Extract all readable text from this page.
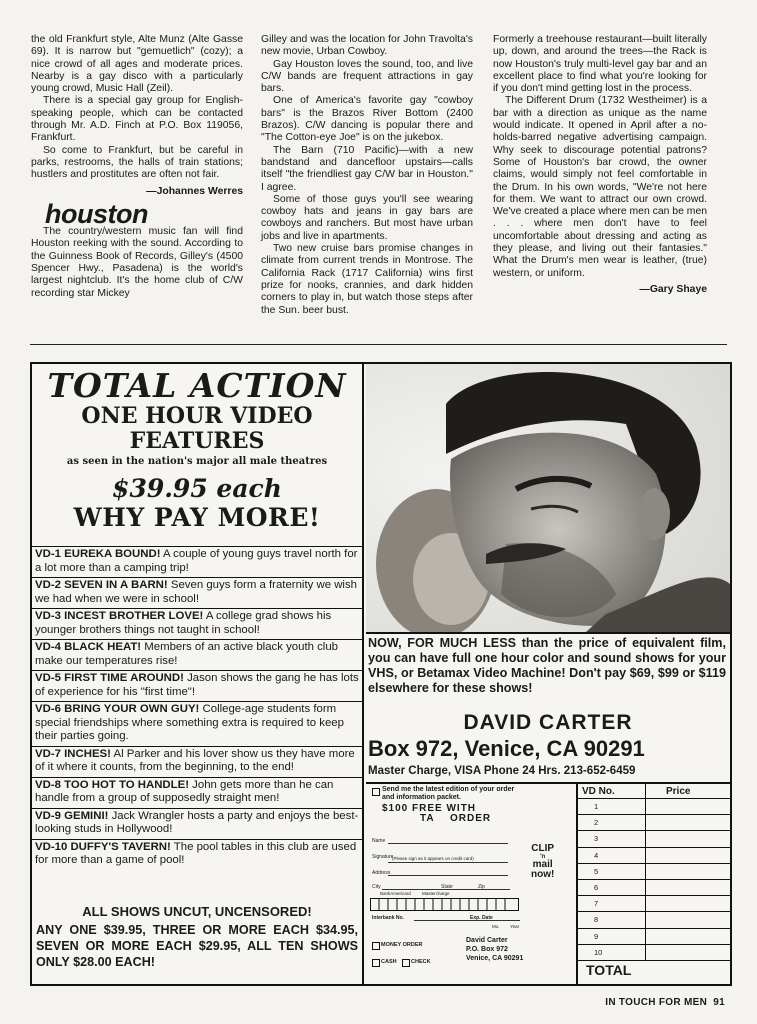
the old Frankfurt style, Alte Munz (Alte Gasse 69). It is narrow but "gemuetlich" (cozy); a nice crowd of all ages and moderate prices. Nearby is a gay disco with a particularly young crowd, Music Hall (Zeil).

There is a special gay group for English-speaking people, which can be contacted through Mr. A.D. Finch at P.O. Box 119056, Frankfurt.

So come to Frankfurt, but be careful in parks, restrooms, the halls of train stations; hustlers and prostitutes are often not fair.

—Johannes Werres
houston

The country/western music fan will find Houston reeking with the sound. According to the Guinness Book of Records, Gilley's (4500 Spencer Hwy., Pasadena) is the world's largest nightclub. It's the home club of C/W recording star Mickey

Gilley and was the location for John Travolta's new movie, Urban Cowboy.

Gay Houston loves the sound, too, and live C/W bands are frequent attractions in gay bars.

One of America's favorite gay "cowboy bars" is the Brazos River Bottom (2400 Brazos). C/W dancing is popular there and "The Cotton-eye Joe" is on the jukebox.

The Barn (710 Pacific)—with a new bandstand and dancefloor upstairs—calls itself "the friendliest gay C/W bar in Houston." I agree.

Some of those guys you'll see wearing cowboy hats and jeans in gay bars are cowboys and ranchers. But most have urban jobs and live in apartments.

Two new cruise bars promise changes in climate from current trends in Montrose. The California Rack (1717 California) wins first prize for nooks, crannies, and dark hidden corners to play in, but watch those steps after the Sun. beer bust.

Formerly a treehouse restaurant—built literally up, down, and around the trees—the Rack is now Houston's truly multi-level gay bar and an excellent place to find what you're looking for if you don't mind getting lost in the process.

The Different Drum (1732 Westheimer) is a bar with a direction as unique as the name would indicate. It opened in April after a no-holds-barred negative advertising campaign. Why seek to discourage potential patrons? Some of Houston's bar crowd, the owner claims, would simply not feel comfortable in the Drum. In his own words, "We're not here for them. We want to attract our own crowd. We've created a place where men can be men . . . where men don't have to feel uncomfortable about dressing and acting as they please, and living out their fantasies." What the Drum's men wear is leather, (true) western, or uniform.

—Gary Shaye
TOTAL ACTION
ONE HOUR VIDEO
FEATURES
as seen in the nation's major all male theatres
$39.95 each
WHY PAY MORE!
VD-1 EUREKA BOUND! A couple of young guys travel north for a lot more than a camping trip!
VD-2 SEVEN IN A BARN! Seven guys form a fraternity we wish we had when we were in school!
VD-3 INCEST BROTHER LOVE! A college grad shows his younger brothers things not taught in school!
VD-4 BLACK HEAT! Members of an active black youth club make our temperatures rise!
VD-5 FIRST TIME AROUND! Jason shows the gang he has lots of experience for his "first time"!
VD-6 BRING YOUR OWN GUY! College-age students form special friendships where something extra is required to keep their parties going.
VD-7 INCHES! Al Parker and his lover show us they have more of it where it counts, from the beginning, to the end!
VD-8 TOO HOT TO HANDLE! John gets more than he can handle from a group of supposedly straight men!
VD-9 GEMINI! Jack Wrangler hosts a party and enjoys the best-looking studs in Hollywood!
VD-10 DUFFY'S TAVERN! The pool tables in this club are used for more than a game of pool!
ALL SHOWS UNCUT, UNCENSORED!
ANY ONE $39.95, THREE OR MORE EACH $34.95, SEVEN OR MORE EACH $29.95, ALL TEN SHOWS ONLY $28.00 EACH!
NOW, FOR MUCH LESS than the price of equivalent film, you can have full one hour color and sound shows for your VHS, or Betamax Video Machine! Don't pay $69, $99 or $119 elsewhere for these shows!
DAVID CARTER
Box 972, Venice, CA 90291
Master Charge, VISA Phone 24 Hrs. 213-652-6459
Send me the latest edition of your order and information packet.
$100 FREE WITH
TA ORDER
Name
Signature
(Please sign as it appears on credit card)
Address
City	State	Zip
BankAmericard Mastercharge
Interbank No.	Exp. Date
Mo. Year
MONEY ORDER
CASH	CHECK
David Carter
P.O. Box 972
Venice, CA 90291
CLIP
'n
mail
now!
VD No.	Price
1
2
3
4
5
6
7
8
9
10
TOTAL
IN TOUCH FOR MEN 91
